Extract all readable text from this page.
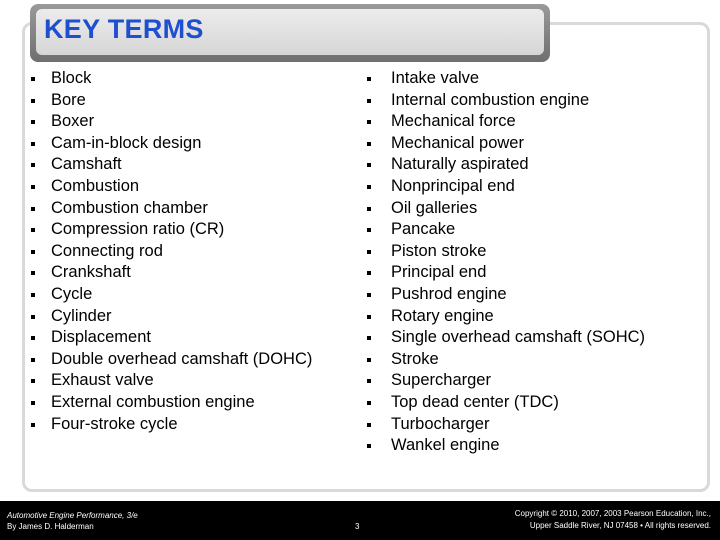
KEY TERMS
Block
Bore
Boxer
Cam-in-block design
Camshaft
Combustion
Combustion chamber
Compression ratio (CR)
Connecting rod
Crankshaft
Cycle
Cylinder
Displacement
Double overhead camshaft (DOHC)
Exhaust valve
External combustion engine
Four-stroke cycle
Intake valve
Internal combustion engine
Mechanical force
Mechanical power
Naturally aspirated
Nonprincipal end
Oil galleries
Pancake
Piston stroke
Principal end
Pushrod engine
Rotary engine
Single overhead camshaft (SOHC)
Stroke
Supercharger
Top dead center (TDC)
Turbocharger
Wankel engine
Automotive Engine Performance, 3/e
By James D. Halderman	3
Copyright © 2010, 2007, 2003 Pearson Education, Inc.,
Upper Saddle River, NJ 07458 • All rights reserved.
